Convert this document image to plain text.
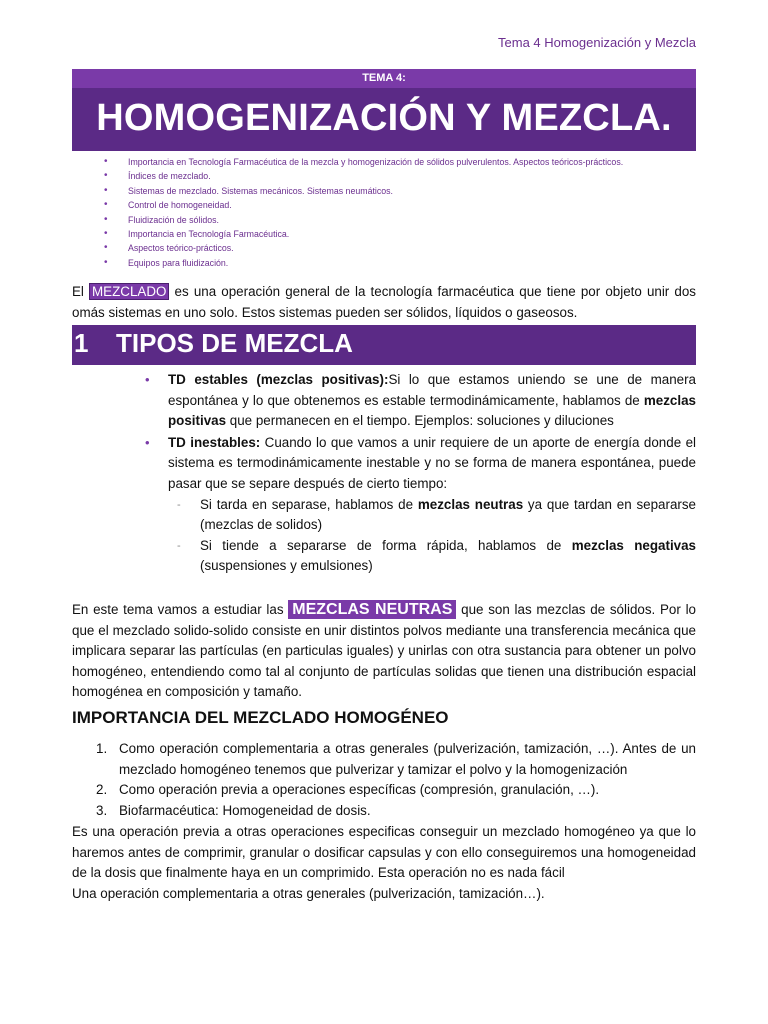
Tema 4 Homogenización y Mezcla
TEMA 4:
HOMOGENIZACIÓN Y MEZCLA.
• Importancia en Tecnología Farmacéutica de la mezcla y homogenización de sólidos pulverulentos. Aspectos teóricos-prácticos.
• Índices de mezclado.
• Sistemas de mezclado. Sistemas mecánicos. Sistemas neumáticos.
• Control de homogeneidad.
• Fluidización de sólidos.
• Importancia en Tecnología Farmacéutica.
• Aspectos teórico-prácticos.
• Equipos para fluidización.

El MEZCLADO es una operación general de la tecnología farmacéutica que tiene por objeto unir dos omás sistemas en uno solo. Estos sistemas pueden ser sólidos, líquidos o gaseosos.

1 TIPOS DE MEZCLA
• TD estables (mezclas positivas):Si lo que estamos uniendo se une de manera espontánea y lo que obtenemos es estable termodinámicamente, hablamos de mezclas positivas que permanecen en el tiempo. Ejemplos: soluciones y diluciones
• TD inestables: Cuando lo que vamos a unir requiere de un aporte de energía donde el sistema es termodinámicamente inestable y no se forma de manera espontánea, puede pasar que se separe después de cierto tiempo:
- Si tarda en separase, hablamos de mezclas neutras ya que tardan en separarse (mezclas de solidos)
- Si tiende a separarse de forma rápida, hablamos de mezclas negativas (suspensiones y emulsiones)

En este tema vamos a estudiar las MEZCLAS NEUTRAS que son las mezclas de sólidos. Por lo que el mezclado solido-solido consiste en unir distintos polvos mediante una transferencia mecánica que implicara separar las partículas (en particulas iguales) y unirlas con otra sustancia para obtener un polvo homogéneo, entendiendo como tal al conjunto de partículas solidas que tienen una distribución espacial homogénea en composición y tamaño.

IMPORTANCIA DEL MEZCLADO HOMOGÉNEO
1. Como operación complementaria a otras generales (pulverización, tamización, …). Antes de un mezclado homogéneo tenemos que pulverizar y tamizar el polvo y la homogenización
2. Como operación previa a operaciones específicas (compresión, granulación, …).
3. Biofarmacéutica: Homogeneidad de dosis.

Es una operación previa a otras operaciones especificas conseguir un mezclado homogéneo ya que lo haremos antes de comprimir, granular o dosificar capsulas y con ello conseguiremos una homogeneidad de la dosis que finalmente haya en un comprimido. Esta operación no es nada fácil

Una operación complementaria a otras generales (pulverización, tamización…).
